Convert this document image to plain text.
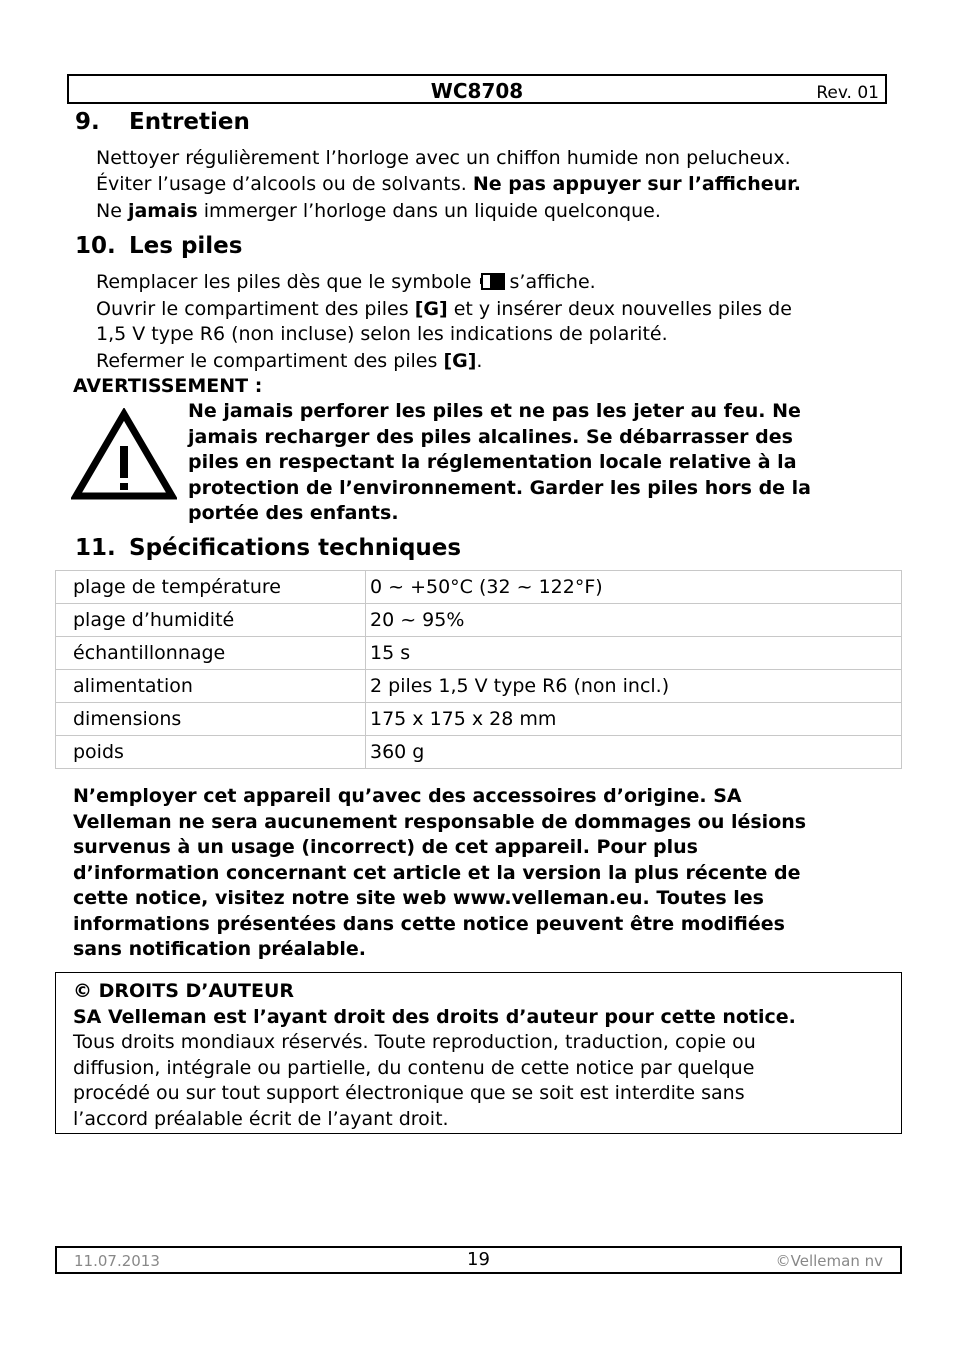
WC8708	Rev. 01
9. Entretien
Nettoyer régulièrement l’horloge avec un chiffon humide non pelucheux.
Éviter l’usage d’alcools ou de solvants. Ne pas appuyer sur l’afficheur.
Ne jamais immerger l’horloge dans un liquide quelconque.
10. Les piles
Remplacer les piles dès que le symbole s’affiche.
Ouvrir le compartiment des piles [G] et y insérer deux nouvelles piles de
1,5 V type R6 (non incluse) selon les indications de polarité.
Refermer le compartiment des piles [G].
AVERTISSEMENT :
Ne jamais perforer les piles et ne pas les jeter au feu. Ne
jamais recharger des piles alcalines. Se débarrasser des
piles en respectant la réglementation locale relative à la
protection de l’environnement. Garder les piles hors de la
portée des enfants.
11. Spécifications techniques
plage de température	0 ~ +50°C (32 ~ 122°F)
plage d’humidité	20 ~ 95%
échantillonnage	15 s
alimentation	2 piles 1,5 V type R6 (non incl.)
dimensions	175 x 175 x 28 mm
poids	360 g
N’employer cet appareil qu’avec des accessoires d’origine. SA
Velleman ne sera aucunement responsable de dommages ou lésions
survenus à un usage (incorrect) de cet appareil. Pour plus
d’information concernant cet article et la version la plus récente de
cette notice, visitez notre site web www.velleman.eu. Toutes les
informations présentées dans cette notice peuvent être modifiées
sans notification préalable.
© DROITS D’AUTEUR
SA Velleman est l’ayant droit des droits d’auteur pour cette notice.
Tous droits mondiaux réservés. Toute reproduction, traduction, copie ou
diffusion, intégrale ou partielle, du contenu de cette notice par quelque
procédé ou sur tout support électronique que se soit est interdite sans
l’accord préalable écrit de l’ayant droit.
11.07.2013	19	©Velleman nv
